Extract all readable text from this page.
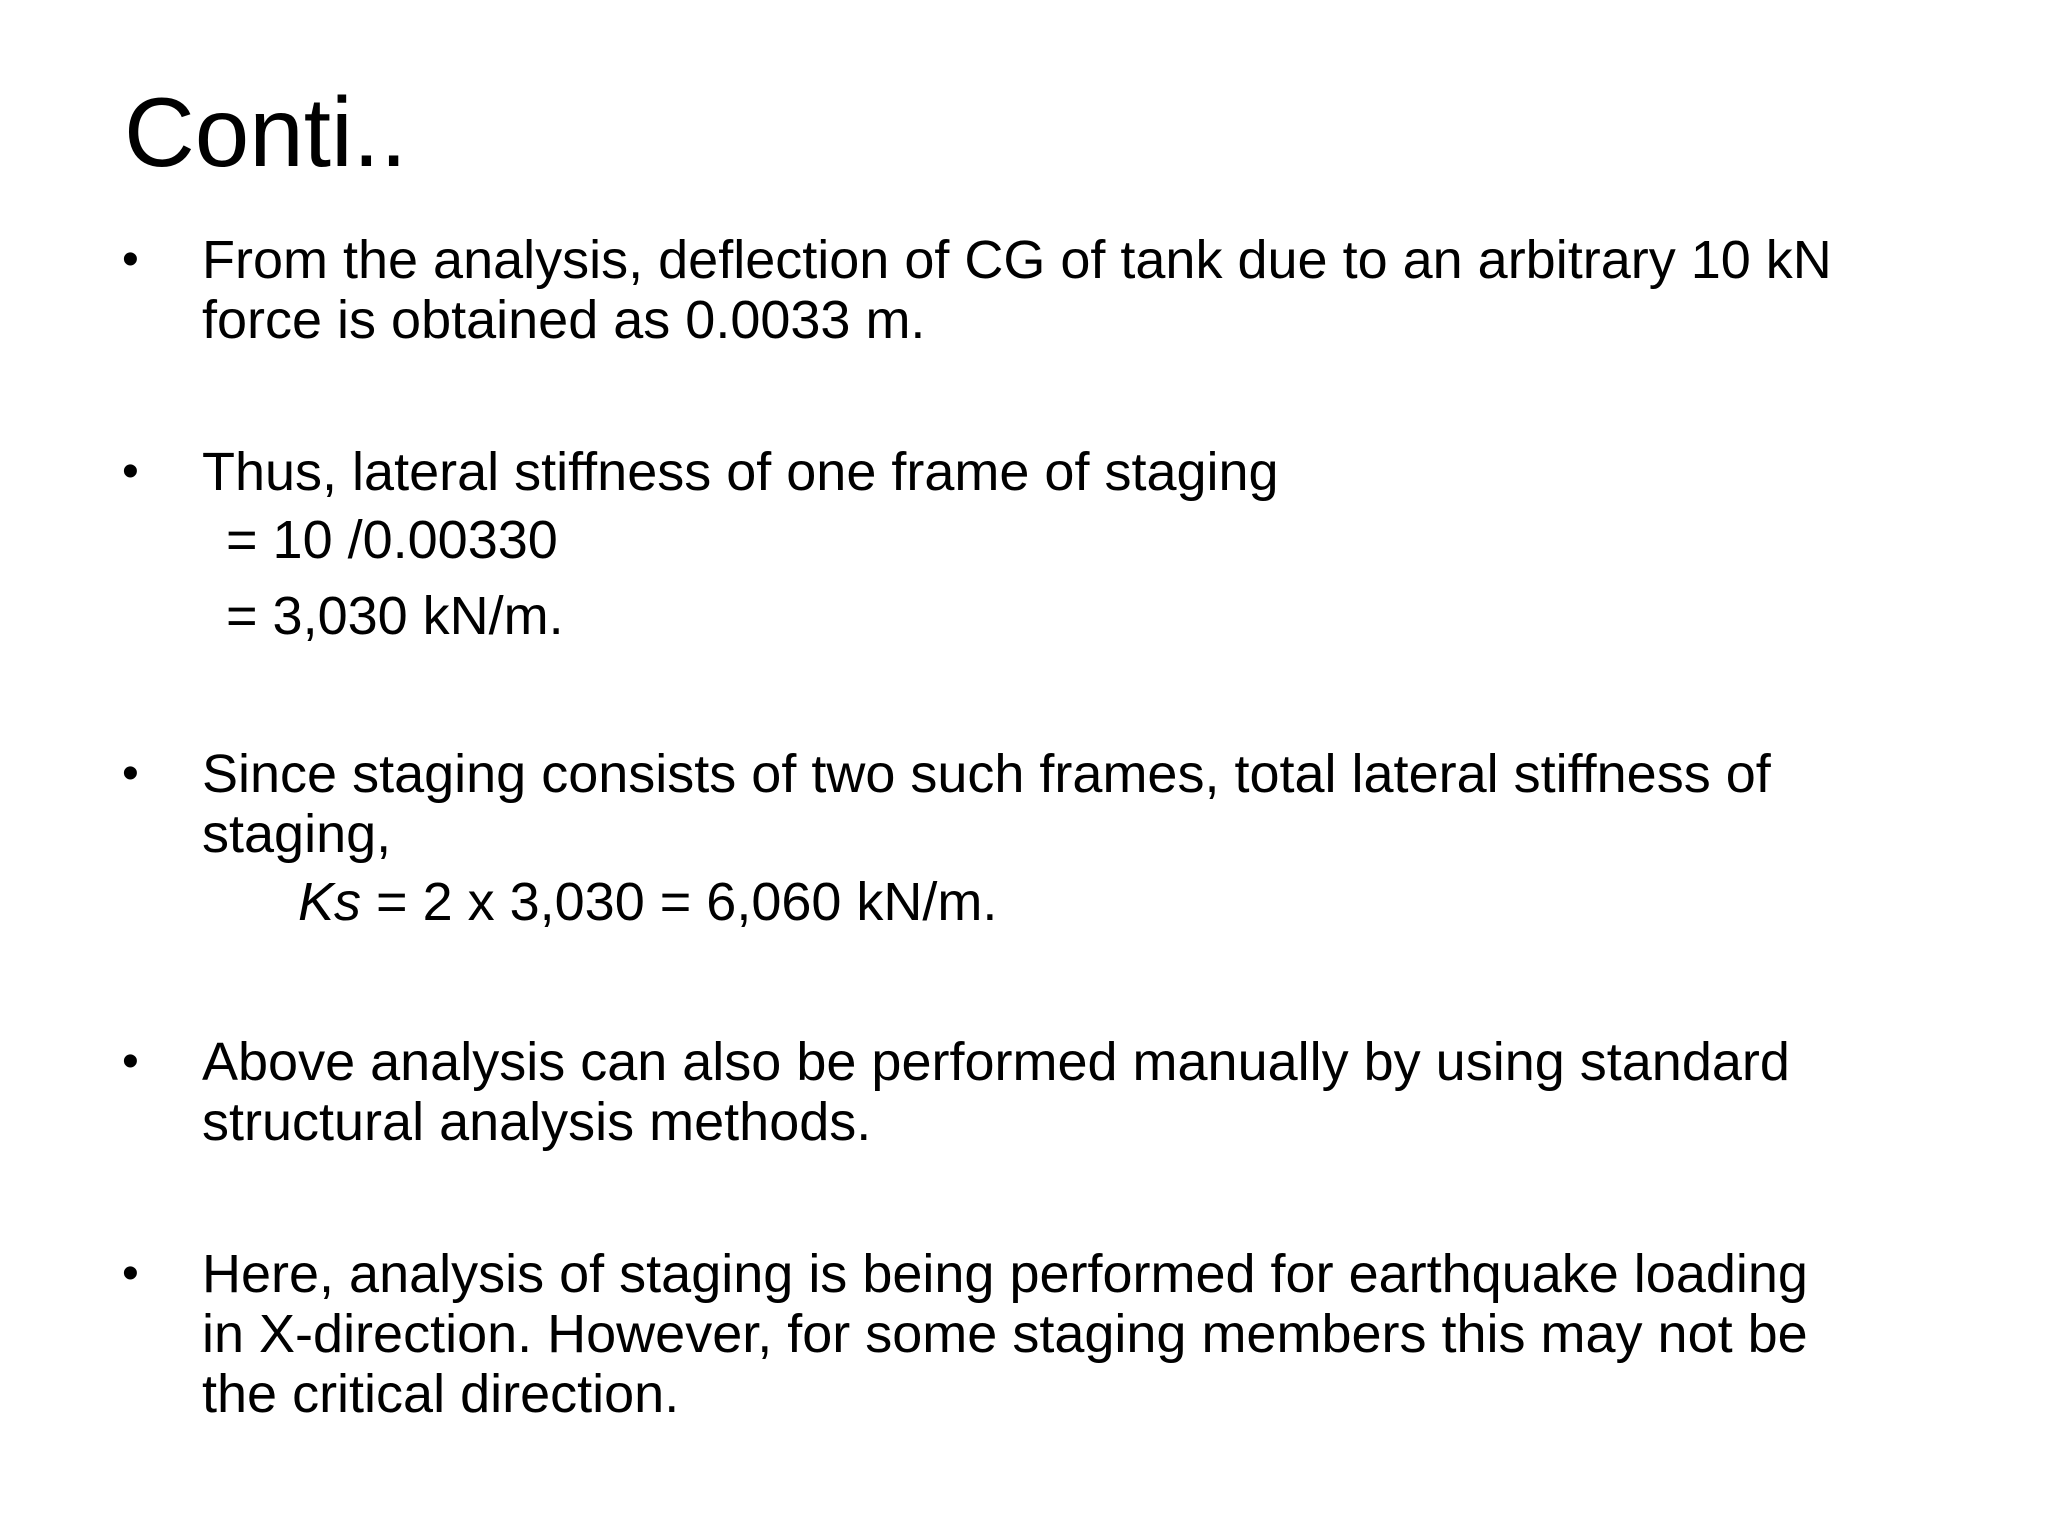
Conti..
•	From the analysis, deflection of CG of tank due to an arbitrary 10 kN
force is obtained as 0.0033 m.
•	Thus, lateral stiffness of one frame of staging
= 10 /0.00330
= 3,030 kN/m.
•	Since staging consists of two such frames, total lateral stiffness of
staging,
Ks = 2 x 3,030 = 6,060 kN/m.
•	Above analysis can also be performed manually by using standard
structural analysis methods.
•	Here, analysis of staging is being performed for earthquake loading
in X-direction. However, for some staging members this may not be
the critical direction.
